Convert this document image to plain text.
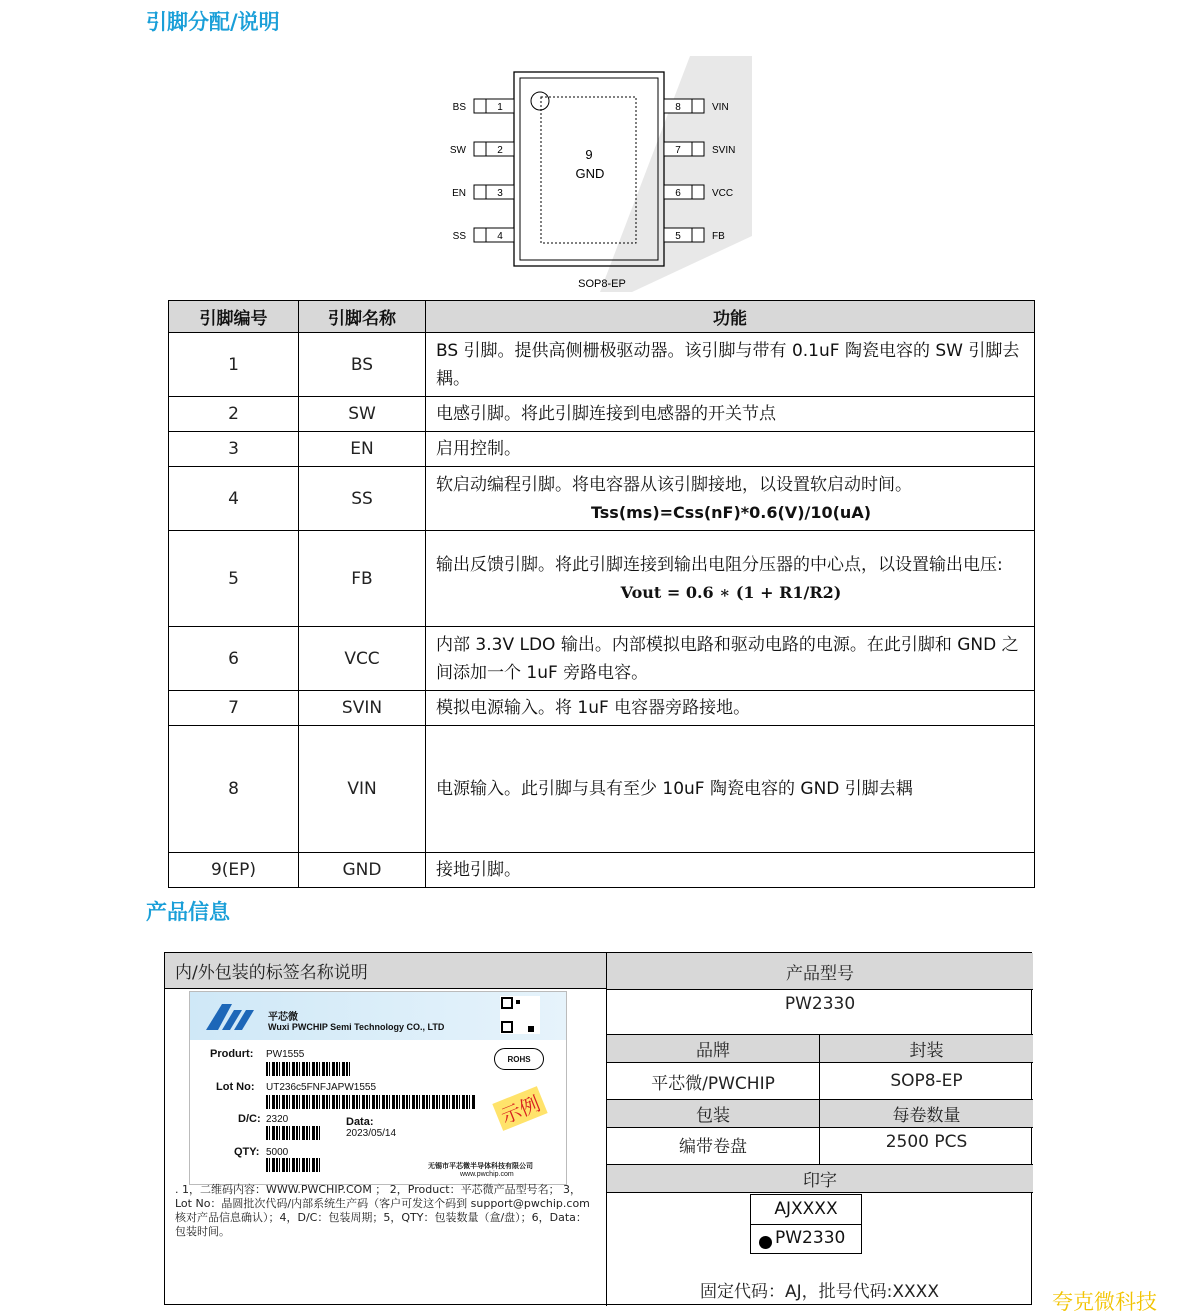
引脚分配/说明
9
GND
1
BS
2
SW
3
EN
4
SS
8	VIN
7	SVIN
6	VCC
5	FB
SOP8-EP
引脚编号	引脚名称	功能
1	BS	BS 引脚。提供高侧栅极驱动器。该引脚与带有 0.1uF 陶瓷电容的 SW 引脚去耦。
2	SW	电感引脚。将此引脚连接到电感器的开关节点
3	EN	启用控制。
4	SS	软启动编程引脚。将电容器从该引脚接地，以设置软启动时间。
Tss(ms)=Css(nF)*0.6(V)/10(uA)

5	FB	输出反馈引脚。将此引脚连接到输出电阻分压器的中心点，以设置输出电压:
Vout = 0.6 ∗ (1 + R1/R2)

6	VCC	内部 3.3V LDO 输出。内部模拟电路和驱动电路的电源。在此引脚和 GND 之间添加一个 1uF 旁路电容。
7	SVIN	模拟电源输入。将 1uF 电容器旁路接地。
8	VIN	电源输入。此引脚与具有至少 10uF 陶瓷电容的 GND 引脚去耦
9(EP)	GND	接地引脚。
产品信息
内/外包装的标签名称说明
平芯微
Wuxi PWCHIP Semi Technology CO., LTD
Produrt: PW1555	ROHS
Lot No: UT236c5FNFJAPW1555
D/C: 2320	Data:
2023/05/14
QTY: 5000
示例
无锡市平芯微半导体科技有限公司
www.pwchip.com
. 1，二维码内容：WWW.PWCHIP.COM ； 2，Product：平芯微产品型号名； 3，Lot No：晶圆批次代码/内部系统生产码（客户可发这个码到 support@pwchip.com 核对产品信息确认）；4，D/C：包装周期；5，QTY：包装数量（盒/盘）；6，Data：包装时间。
产品型号
PW2330
品牌	封装
平芯微/PWCHIP	SOP8-EP
包装	每卷数量
编带卷盘	2500 PCS
印字
AJXXXX
PW2330
固定代码：AJ，批号代码:XXXX	夸克微科技
